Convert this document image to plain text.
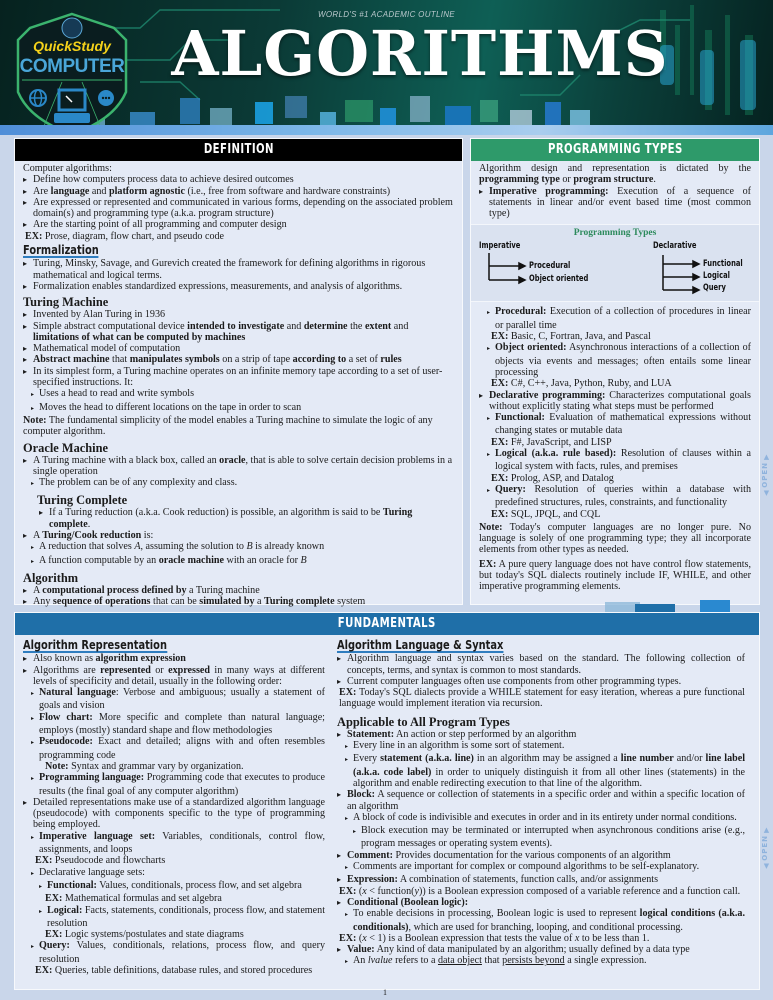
WORLD'S #1 ACADEMIC OUTLINE
ALGORITHMS
QuickStudy
COMPUTER
DEFINITION

Computer algorithms:

▸ Define how computers process data to achieve desired outcomes

▸ Are language and platform agnostic (i.e., free from software and hardware constraints)

▸ Are expressed or represented and communicated in various forms, depending on the associated problem domain(s) and programming type (a.k.a. program structure)

▸ Are the starting point of all programming and computer design

EX: Prose, diagram, flow chart, and pseudo code

Formalization

▸ Turing, Minsky, Savage, and Gurevich created the framework for defining algorithms in rigorous mathematical and logical terms.

▸ Formalization enables standardized expressions, measurements, and analysis of algorithms.

Turing Machine

▸ Invented by Alan Turing in 1936

▸ Simple abstract computational device intended to investigate and determine the extent and limitations of what can be computed by machines

▸ Mathematical model of computation

▸ Abstract machine that manipulates symbols on a strip of tape according to a set of rules

▸ In its simplest form, a Turing machine operates on an infinite memory tape according to a set of user-specified instructions. It:

▸ Uses a head to read and write symbols

▸ Moves the head to different locations on the tape in order to scan

Note: The fundamental simplicity of the model enables a Turing machine to simulate the logic of any computer algorithm.

Oracle Machine

▸ A Turing machine with a black box, called an oracle, that is able to solve certain decision problems in a single operation

▸ The problem can be of any complexity and class.

Turing Complete

▸ If a Turing reduction (a.k.a. Cook reduction) is possible, an algorithm is said to be Turing complete.

▸ A Turing/Cook reduction is:

▸ A reduction that solves A, assuming the solution to B is already known

▸ A function computable by an oracle machine with an oracle for B

Algorithm

▸ A computational process defined by a Turing machine

▸ Any sequence of operations that can be simulated by a Turing complete system

PROGRAMMING TYPES

Algorithm design and representation is dictated by the programming type or program structure.

▸ Imperative programming: Execution of a sequence of statements in linear and/or event based time (most common type)

Programming Types
Imperative
Procedural
Object oriented
Declarative
Functional
Logical
Query

▸ Procedural: Execution of a collection of procedures in linear or parallel time

EX: Basic, C, Fortran, Java, and Pascal

▸ Object oriented: Asynchronous interactions of a collection of objects via events and messages; often entails some linear processing

EX: C#, C++, Java, Python, Ruby, and LUA

▸ Declarative programming: Characterizes computational goals without explicitly stating what steps must be performed

▸ Functional: Evaluation of mathematical expressions without changing states or mutable data

EX: F#, JavaScript, and LISP

▸ Logical (a.k.a. rule based): Resolution of clauses within a logical system with facts, rules, and premises

EX: Prolog, ASP, and Datalog

▸ Query: Resolution of queries within a database with predefined structures, rules, constraints, and functionality

EX: SQL, JPQL, and CQL

Note: Today's computer languages are no longer pure. No language is solely of one programming type; they all incorporate elements from other types as needed.

EX: A pure query language does not have control flow statements, but today's SQL dialects routinely include IF, WHILE, and other imperative programming elements.

FUNDAMENTALS
Algorithm Representation

▸ Also known as algorithm expression

▸ Algorithms are represented or expressed in many ways at different levels of specificity and detail, usually in the following order:

▸ Natural language: Verbose and ambiguous; usually a statement of goals and vision

▸ Flow chart: More specific and complete than natural language; employs (mostly) standard shape and flow methodologies

▸ Pseudocode: Exact and detailed; aligns with and often resembles programming code

Note: Syntax and grammar vary by organization.

▸ Programming language: Programming code that executes to produce results (the final goal of any computer algorithm)

▸ Detailed representations make use of a standardized algorithm language (pseudocode) with components specific to the type of programming being employed.

▸ Imperative language set: Variables, conditionals, control flow, assignments, and loops

EX: Pseudocode and flowcharts

▸ Declarative language sets:

▸ Functional: Values, conditionals, process flow, and set algebra

EX: Mathematical formulas and set algebra

▸ Logical: Facts, statements, conditionals, process flow, and statement resolution

EX: Logic systems/postulates and state diagrams

▸ Query: Values, conditionals, relations, process flow, and query resolution

EX: Queries, table definitions, database rules, and stored procedures

Algorithm Language & Syntax

▸ Algorithm language and syntax varies based on the standard. The following collection of concepts, terms, and syntax is common to most standards.

▸ Current computer languages often use components from other programming types.

EX: Today's SQL dialects provide a WHILE statement for easy iteration, whereas a pure functional language would implement iteration via recursion.

Applicable to All Program Types

▸ Statement: An action or step performed by an algorithm

▸ Every line in an algorithm is some sort of statement.

▸ Every statement (a.k.a. line) in an algorithm may be assigned a line number and/or line label (a.k.a. code label) in order to uniquely distinguish it from all other lines (statements) in the algorithm and enable redirecting execution to that line of the algorithm.

▸ Block: A sequence or collection of statements in a specific order and within a specific location of an algorithm

▸ A block of code is indivisible and executes in order and in its entirety under normal conditions.

▸ Block execution may be terminated or interrupted when asynchronous conditions arise (e.g., program messages or operating system events).

▸ Comment: Provides documentation for the various components of an algorithm

▸ Comments are important for complex or compound algorithms to be self-explanatory.

▸ Expression: A combination of statements, function calls, and/or assignments

EX: (x < function(y)) is a Boolean expression composed of a variable reference and a function call.

▸ Conditional (Boolean logic):

▸ To enable decisions in processing, Boolean logic is used to represent logical conditions (a.k.a. conditionals), which are used for branching, looping, and conditional processing.

EX: (x < 1) is a Boolean expression that tests the value of x to be less than 1.

▸ Value: Any kind of data manipulated by an algorithm; usually defined by a data type

▸ An lvalue refers to a data object that persists beyond a single expression.

▲
OPEN
▼
▲
OPEN
▼
1
